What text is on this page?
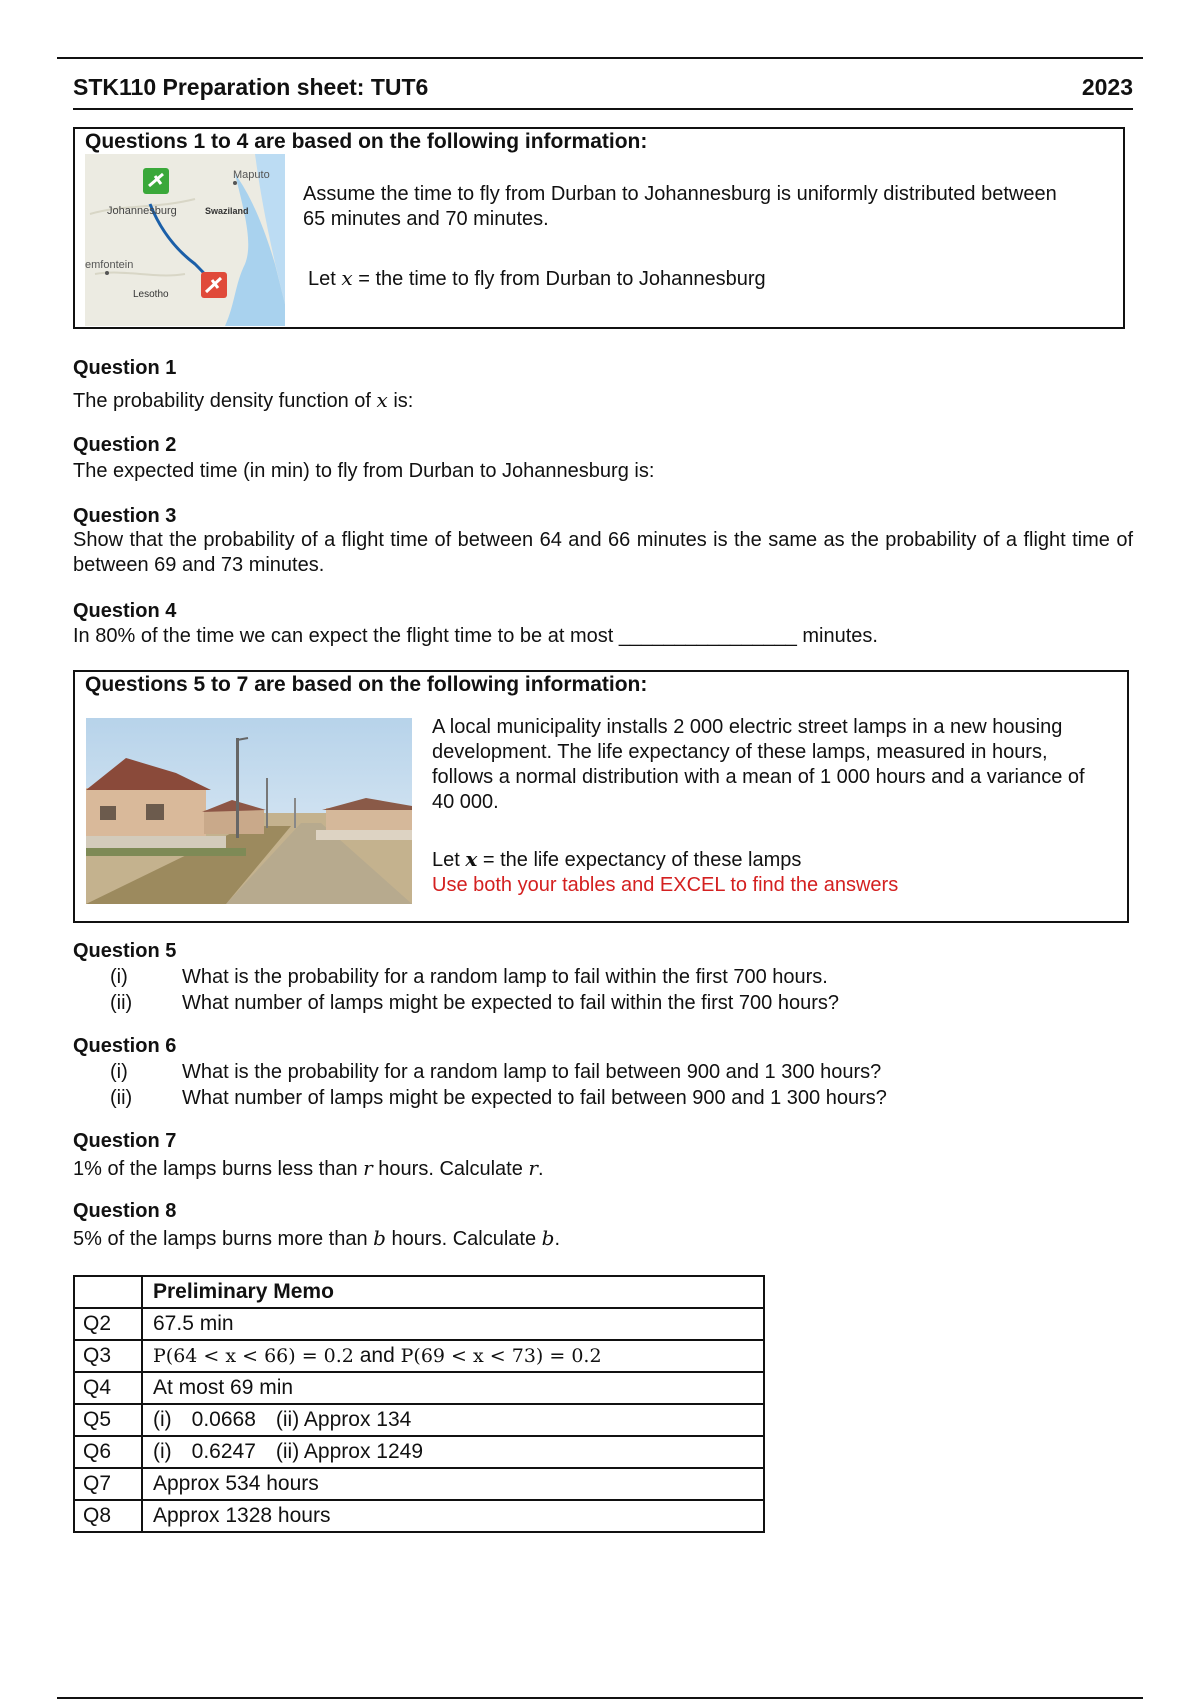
STK110 Preparation sheet: TUT6	2023
Questions 1 to 4 are based on the following information:
Maputo
Johannesburg	Swaziland
emfontein
Lesotho
Assume the time to fly from Durban to Johannesburg is uniformly distributed between 65 minutes and 70 minutes.
Let x = the time to fly from Durban to Johannesburg
Question 1
The probability density function of x is:
Question 2
The expected time (in min) to fly from Durban to Johannesburg is:
Question 3
Show that the probability of a flight time of between 64 and 66 minutes is the same as the probability of a flight time of between 69 and 73 minutes.
Question 4
In 80% of the time we can expect the flight time to be at most ________________ minutes.
Questions 5 to 7 are based on the following information:
A local municipality installs 2 000 electric street lamps in a new housing development. The life expectancy of these lamps, measured in hours, follows a normal distribution with a mean of 1 000 hours and a variance of 40 000.
Let x = the life expectancy of these lamps
Use both your tables and EXCEL to find the answers
Question 5
(i)	What is the probability for a random lamp to fail within the first 700 hours.
(ii) What number of lamps might be expected to fail within the first 700 hours?
Question 6
(i)	What is the probability for a random lamp to fail between 900 and 1 300 hours?
(ii) What number of lamps might be expected to fail between 900 and 1 300 hours?
Question 7
1% of the lamps burns less than r hours. Calculate r.
Question 8
5% of the lamps burns more than b hours. Calculate b.
	Preliminary Memo
Q2	67.5 min
Q3	P(64 < x < 66) = 0.2 and P(69 < x < 73) = 0.2
Q4	At most 69 min
Q5	(i) 0.0668 (ii) Approx 134
Q6	(i) 0.6247 (ii) Approx 1249
Q7	Approx 534 hours
Q8	Approx 1328 hours
